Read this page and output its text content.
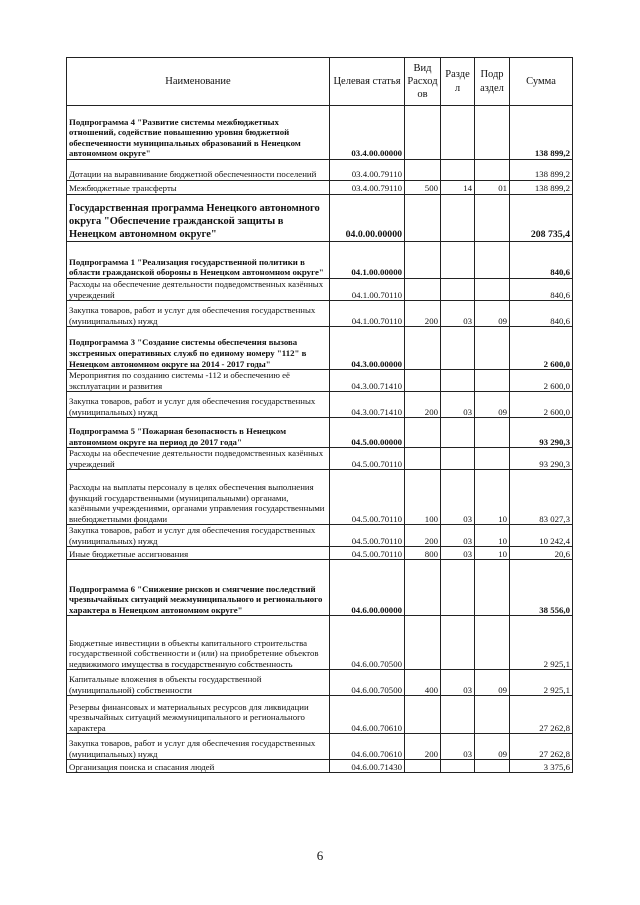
Наименование	Целевая статья	Вид Расход ов	Разде л	Подр аздел	Сумма
Подпрограмма 4 "Развитие системы межбюджетных отношений, содействие повышению уровня бюджетной обеспеченности муниципальных образований в Ненецком автономном округе"	03.4.00.00000				138 899,2
Дотации на выравнивание бюджетной обеспеченности поселений	03.4.00.79110				138 899,2
Межбюджетные трансферты	03.4.00.79110	500	14	01	138 899,2
Государственная программа Ненецкого автономного округа "Обеспечение гражданской защиты в Ненецком автономном округе"	04.0.00.00000				208 735,4
Подпрограмма 1 "Реализация государственной политики в области гражданской обороны в Ненецком автономном округе"	04.1.00.00000				840,6
Расходы на обеспечение деятельности подведомственных казённых учреждений	04.1.00.70110				840,6
Закупка товаров, работ и услуг для обеспечения государственных (муниципальных) нужд	04.1.00.70110	200	03	09	840,6
Подпрограмма 3 "Создание системы обеспечения вызова экстренных оперативных служб по единому номеру "112" в Ненецком автономном округе на 2014 - 2017 годы"	04.3.00.00000				2 600,0
Мероприятия по созданию системы -112 и обеспечению её эксплуатации и развития	04.3.00.71410				2 600,0
Закупка товаров, работ и услуг для обеспечения государственных (муниципальных) нужд	04.3.00.71410	200	03	09	2 600,0
Подпрограмма 5 "Пожарная безопасность в Ненецком автономном округе на период до 2017 года"	04.5.00.00000				93 290,3
Расходы на обеспечение деятельности подведомственных казённых учреждений	04.5.00.70110				93 290,3
Расходы на выплаты персоналу в целях обеспечения выполнения функций государственными (муниципальными) органами, казёнными учреждениями, органами управления государственными внебюджетными фондами	04.5.00.70110	100	03	10	83 027,3
Закупка товаров, работ и услуг для обеспечения государственных (муниципальных) нужд	04.5.00.70110	200	03	10	10 242,4
Иные бюджетные ассигнования	04.5.00.70110	800	03	10	20,6
Подпрограмма 6 "Снижение рисков и смягчение последствий чрезвычайных ситуаций межмуниципального и регионального характера в Ненецком автономном округе"	04.6.00.00000				38 556,0
Бюджетные инвестиции в объекты капитального строительства государственной собственности и (или) на приобретение объектов недвижимого имущества в государственную собственность	04.6.00.70500				2 925,1
Капитальные вложения в объекты государственной (муниципальной) собственности	04.6.00.70500	400	03	09	2 925,1
Резервы финансовых и материальных ресурсов для ликвидации чрезвычайных ситуаций межмуниципального и регионального характера	04.6.00.70610				27 262,8
Закупка товаров, работ и услуг для обеспечения государственных (муниципальных) нужд	04.6.00.70610	200	03	09	27 262,8
Организация поиска и спасания людей	04.6.00.71430				3 375,6
6
